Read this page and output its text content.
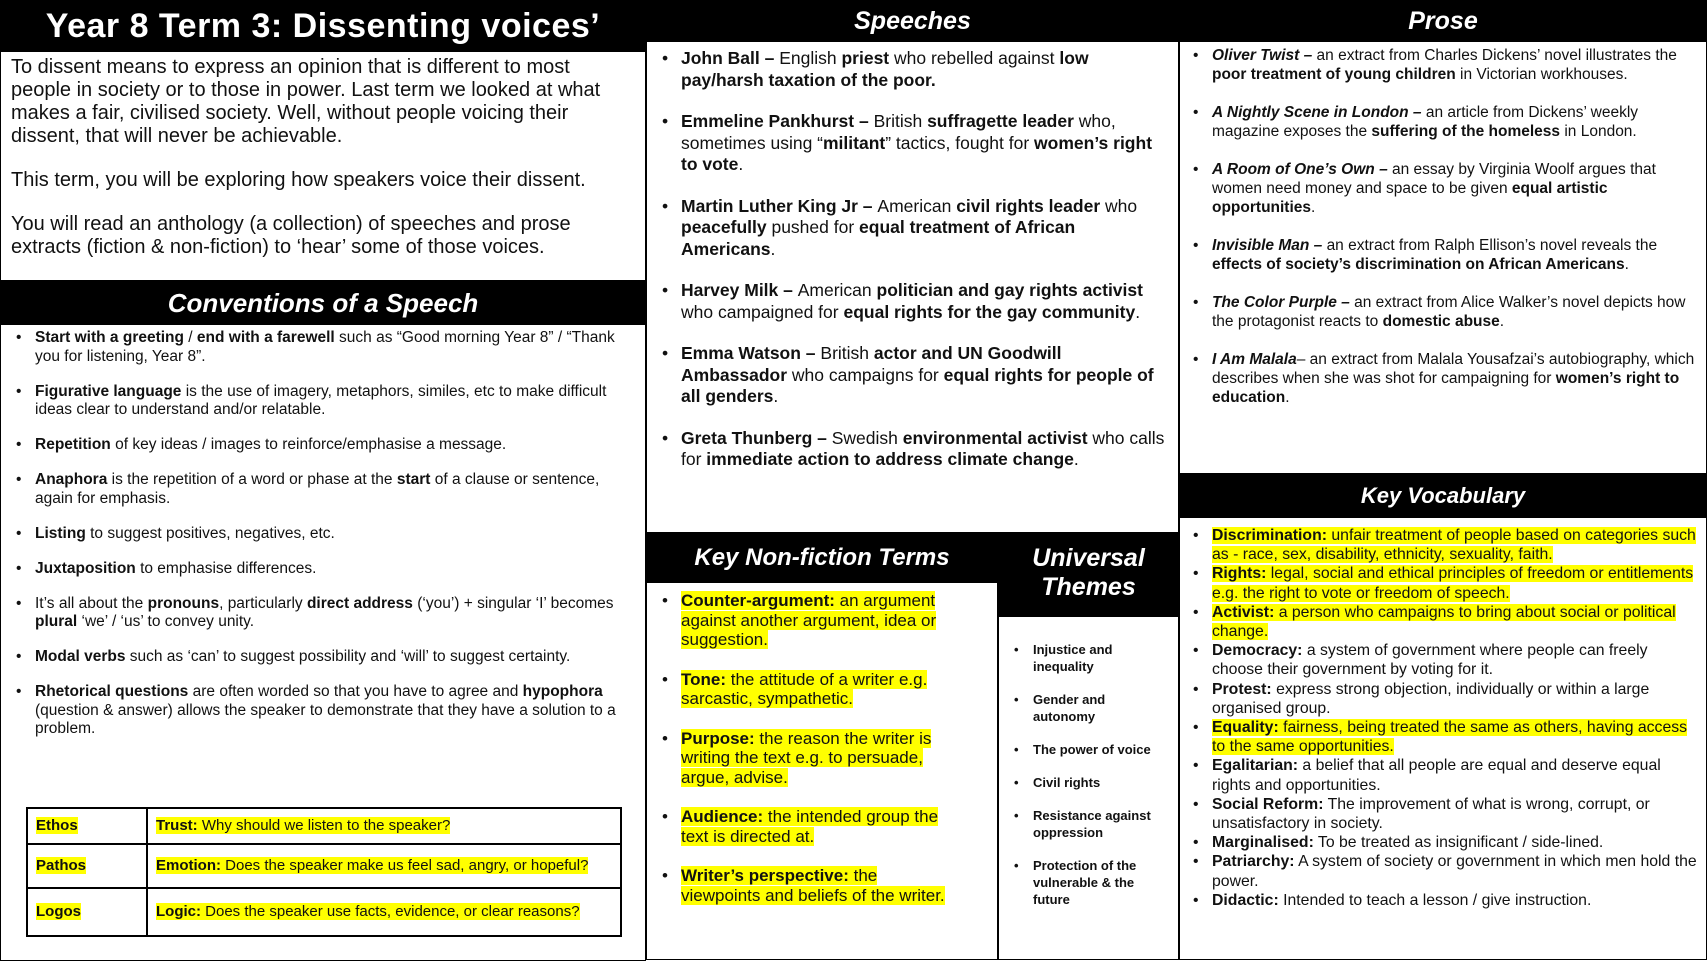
Year 8 Term 3: Dissenting voices’

To dissent means to express an opinion that is different to most people in society or to those in power. Last term we looked at what makes a fair, civilised society. Well, without people voicing their dissent, that will never be achievable.

This term, you will be exploring how speakers voice their dissent.

You will read an anthology (a collection) of speeches and prose extracts (fiction & non-fiction) to ‘hear’ some of those voices.

Conventions of a Speech
• Start with a greeting / end with a farewell such as “Good morning Year 8” / “Thank you for listening, Year 8”.
• Figurative language is the use of imagery, metaphors, similes, etc to make difficult ideas clear to understand and/or relatable.
• Repetition of key ideas / images to reinforce/emphasise a message.
• Anaphora is the repetition of a word or phase at the start of a clause or sentence, again for emphasis.
• Listing to suggest positives, negatives, etc.
• Juxtaposition to emphasise differences.
• It’s all about the pronouns, particularly direct address (‘you’) + singular ‘I’ becomes plural ‘we’ / ‘us’ to convey unity.
• Modal verbs such as ‘can’ to suggest possibility and ‘will’ to suggest certainty.
• Rhetorical questions are often worded so that you have to agree and hypophora (question & answer) allows the speaker to demonstrate that they have a solution to a problem.
Ethos	Trust: Why should we listen to the speaker?
Pathos	Emotion: Does the speaker make us feel sad, angry, or hopeful?
Logos	Logic: Does the speaker use facts, evidence, or clear reasons?
Speeches
• John Ball – English priest who rebelled against low pay/harsh taxation of the poor.
• Emmeline Pankhurst – British suffragette leader who, sometimes using “militant” tactics, fought for women’s right to vote.
• Martin Luther King Jr – American civil rights leader who peacefully pushed for equal treatment of African Americans.
• Harvey Milk – American politician and gay rights activist who campaigned for equal rights for the gay community.
• Emma Watson – British actor and UN Goodwill Ambassador who campaigns for equal rights for people of all genders.
• Greta Thunberg – Swedish environmental activist who calls for immediate action to address climate change.
Prose
• Oliver Twist – an extract from Charles Dickens’ novel illustrates the poor treatment of young children in Victorian workhouses.
• A Nightly Scene in London – an article from Dickens’ weekly magazine exposes the suffering of the homeless in London.
• A Room of One’s Own – an essay by Virginia Woolf argues that women need money and space to be given equal artistic opportunities.
• Invisible Man – an extract from Ralph Ellison’s novel reveals the effects of society’s discrimination on African Americans.
• The Color Purple – an extract from Alice Walker’s novel depicts how the protagonist reacts to domestic abuse.
• I Am Malala– an extract from Malala Yousafzai’s autobiography, which describes when she was shot for campaigning for women’s right to education.
Key Non-fiction Terms
• Counter-argument: an argument against another argument, idea or suggestion.
• Tone: the attitude of a writer e.g. sarcastic, sympathetic.
• Purpose: the reason the writer is writing the text e.g. to persuade, argue, advise.
• Audience: the intended group the text is directed at.
• Writer’s perspective: the viewpoints and beliefs of the writer.
Universal
Themes
• Injustice and inequality
• Gender and autonomy
• The power of voice
• Civil rights
• Resistance against oppression
• Protection of the vulnerable & the future
Key Vocabulary
• Discrimination: unfair treatment of people based on categories such as - race, sex, disability, ethnicity, sexuality, faith.
• Rights: legal, social and ethical principles of freedom or entitlements e.g. the right to vote or freedom of speech.
• Activist: a person who campaigns to bring about social or political change.
• Democracy: a system of government where people can freely choose their government by voting for it.
• Protest: express strong objection, individually or within a large organised group.
• Equality: fairness, being treated the same as others, having access to the same opportunities.
• Egalitarian: a belief that all people are equal and deserve equal rights and opportunities.
• Social Reform: The improvement of what is wrong, corrupt, or unsatisfactory in society.
• Marginalised: To be treated as insignificant / side-lined.
• Patriarchy: A system of society or government in which men hold the power.
• Didactic: Intended to teach a lesson / give instruction.
